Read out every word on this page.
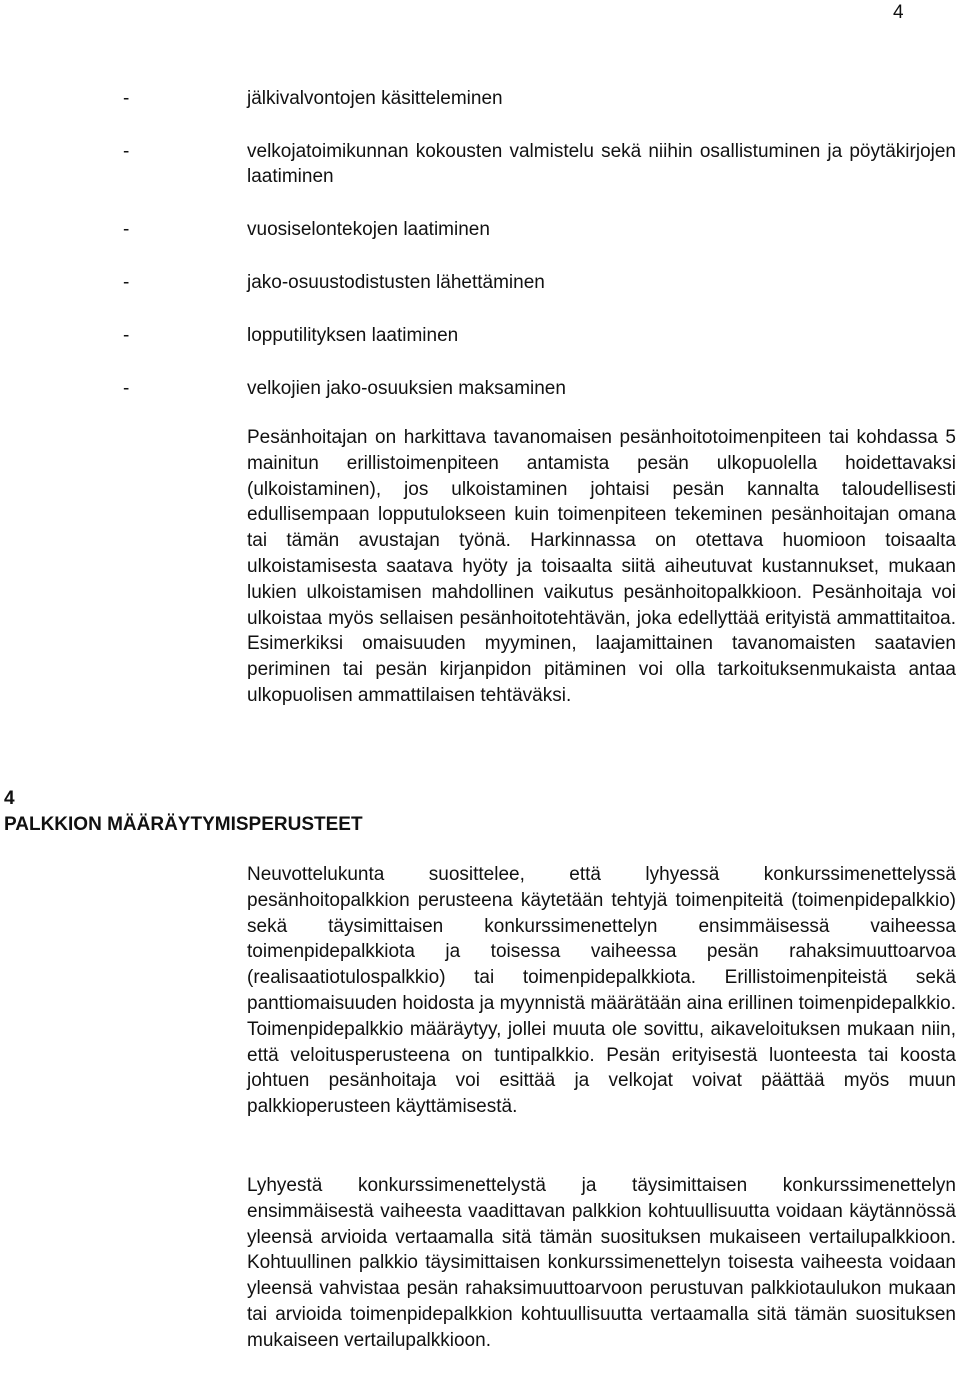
4
-	jälkivalvontojen käsitteleminen
-	velkojatoimikunnan kokousten valmistelu sekä niihin osallistuminen ja pöytäkirjojen laatiminen
-	vuosiselontekojen laatiminen
-	jako-osuustodistusten lähettäminen
-	lopputilityksen laatiminen
-	velkojien jako-osuuksien maksaminen

Pesänhoitajan on harkittava tavanomaisen pesänhoitotoimenpiteen tai kohdassa 5 mainitun erillistoimenpiteen antamista pesän ulkopuolella hoidettavaksi (ulkoistaminen), jos ulkoistaminen johtaisi pesän kannalta taloudellisesti edullisempaan lopputulokseen kuin toimenpiteen tekeminen pesänhoitajan omana tai tämän avustajan työnä. Harkinnassa on otettava huomioon toisaalta ulkoistamisesta saatava hyöty ja toisaalta siitä aiheutuvat kustannukset, mukaan lukien ulkoistamisen mahdollinen vaikutus pesänhoitopalkkioon. Pesänhoitaja voi ulkoistaa myös sellaisen pesänhoitotehtävän, joka edellyttää erityistä ammattitaitoa. Esimerkiksi omaisuuden myyminen, laajamittainen tavanomaisten saatavien periminen tai pesän kirjanpidon pitäminen voi olla tarkoituksenmukaista antaa ulkopuolisen ammattilaisen tehtäväksi.

4
PALKKION MÄÄRÄYTYMISPERUSTEET

Neuvottelukunta suosittelee, että lyhyessä konkurssimenettelyssä pesänhoitopalkkion perusteena käytetään tehtyjä toimenpiteitä (toimenpidepalkkio) sekä täysimittaisen konkurssimenettelyn ensimmäisessä vaiheessa toimenpidepalkkiota ja toisessa vaiheessa pesän rahaksimuuttoarvoa (realisaatiotulospalkkio) tai toimenpidepalkkiota. Erillistoimenpiteistä sekä panttiomaisuuden hoidosta ja myynnistä määrätään aina erillinen toimenpidepalkkio. Toimenpidepalkkio määräytyy, jollei muuta ole sovittu, aikaveloituksen mukaan niin, että veloitusperusteena on tuntipalkkio. Pesän erityisestä luonteesta tai koosta johtuen pesänhoitaja voi esittää ja velkojat voivat päättää myös muun palkkioperusteen käyttämisestä.

Lyhyestä konkurssimenettelystä ja täysimittaisen konkurssimenettelyn ensimmäisestä vaiheesta vaadittavan palkkion kohtuullisuutta voidaan käytännössä yleensä arvioida vertaamalla sitä tämän suosituksen mukaiseen vertailupalkkioon. Kohtuullinen palkkio täysimittaisen konkurssimenettelyn toisesta vaiheesta voidaan yleensä vahvistaa pesän rahaksimuuttoarvoon perustuvan palkkiotaulukon mukaan tai arvioida toimenpidepalkkion kohtuullisuutta vertaamalla sitä tämän suosituksen mukaiseen vertailupalkkioon.
